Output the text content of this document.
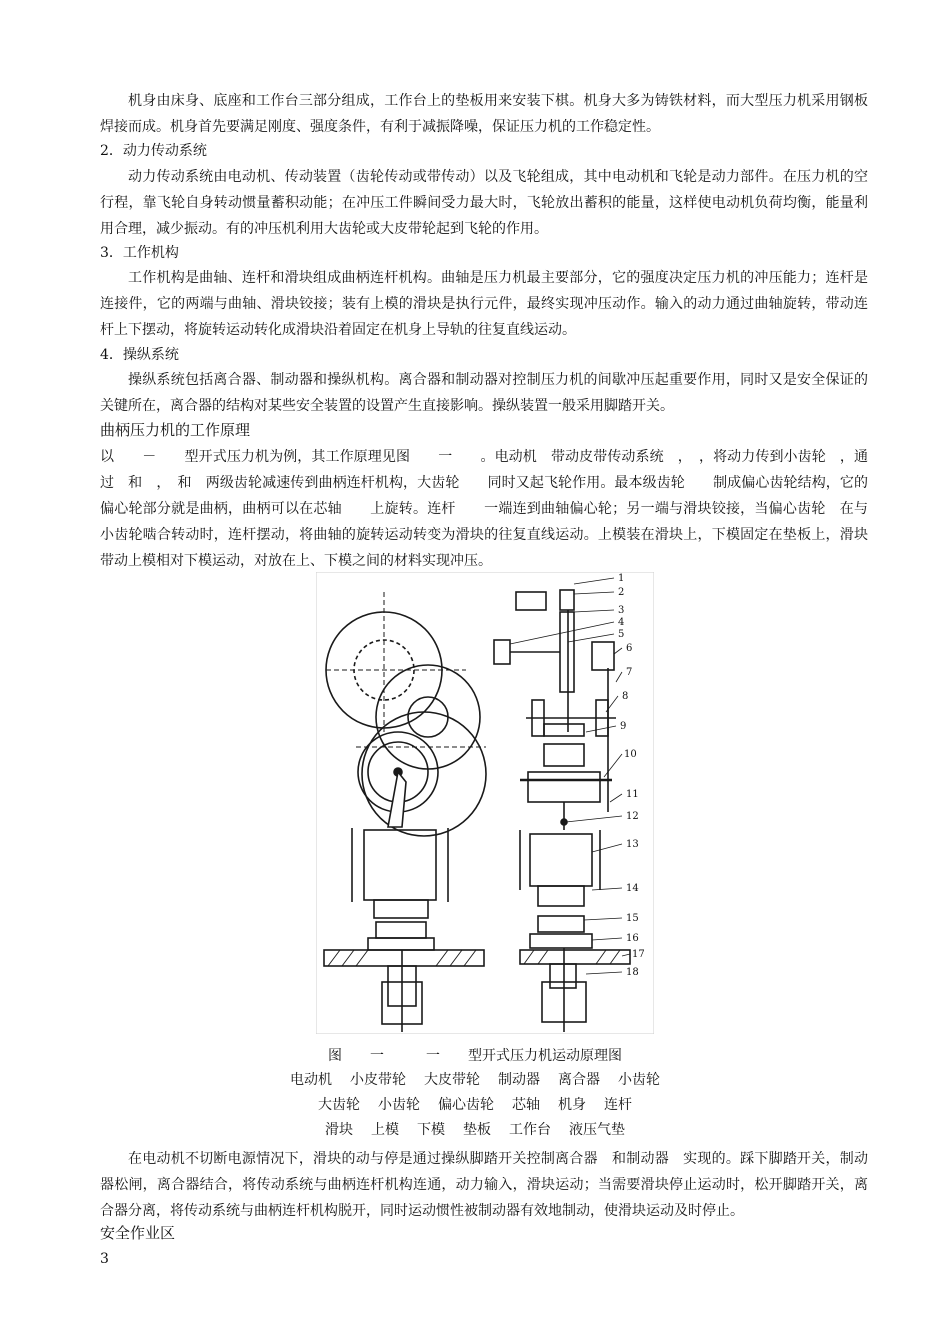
机身由床身、底座和工作台三部分组成，工作台上的垫板用来安装下棋。机身大多为铸铁材料，而大型压力机采用钢板焊接而成。机身首先要满足刚度、强度条件，有利于减振降噪，保证压力机的工作稳定性。

2．动力传动系统

动力传动系统由电动机、传动装置（齿轮传动或带传动）以及飞轮组成，其中电动机和飞轮是动力部件。在压力机的空行程，靠飞轮自身转动惯量蓄积动能；在冲压工件瞬间受力最大时，飞轮放出蓄积的能量，这样使电动机负荷均衡，能量利用合理，减少振动。有的冲压机利用大齿轮或大皮带轮起到飞轮的作用。

3．工作机构

工作机构是曲轴、连杆和滑块组成曲柄连杆机构。曲轴是压力机最主要部分，它的强度决定压力机的冲压能力；连杆是连接件，它的两端与曲轴、滑块铰接；装有上模的滑块是执行元件，最终实现冲压动作。输入的动力通过曲轴旋转，带动连杆上下摆动，将旋转运动转化成滑块沿着固定在机身上导轨的往复直线运动。

4．操纵系统

操纵系统包括离合器、制动器和操纵机构。离合器和制动器对控制压力机的间歇冲压起重要作用，同时又是安全保证的关键所在，离合器的结构对某些安全装置的设置产生直接影响。操纵装置一般采用脚踏开关。

曲柄压力机的工作原理

以　　－　　型开式压力机为例，其工作原理见图　　一　　。电动机　带动皮带传动系统　，　，将动力传到小齿轮　，通过　和　，　和　两级齿轮减速传到曲柄连杆机构，大齿轮　　同时又起飞轮作用。最本级齿轮　　制成偏心齿轮结构，它的偏心轮部分就是曲柄，曲柄可以在芯轴　　上旋转。连杆　　一端连到曲轴偏心轮；另一端与滑块铰接，当偏心齿轮　在与小齿轮啮合转动时，连杆摆动，将曲轴的旋转运动转变为滑块的往复直线运动。上模装在滑块上，下模固定在垫板上，滑块带动上模相对下模运动，对放在上、下模之间的材料实现冲压。

1
2
3
4
5
6
7
8
9
10
11
12
13
14
15
16
17
18

图　　一　　　一　　型开式压力机运动原理图

电动机 小皮带轮 大皮带轮 制动器 离合器 小齿轮
大齿轮 小齿轮 偏心齿轮 芯轴 机身 连杆
滑块 上模 下模 垫板 工作台 液压气垫

在电动机不切断电源情况下，滑块的动与停是通过操纵脚踏开关控制离合器　和制动器　实现的。踩下脚踏开关，制动器松闸，离合器结合，将传动系统与曲柄连杆机构连通，动力输入，滑块运动；当需要滑块停止运动时，松开脚踏开关，离合器分离，将传动系统与曲柄连杆机构脱开，同时运动惯性被制动器有效地制动，使滑块运动及时停止。

安全作业区

3
